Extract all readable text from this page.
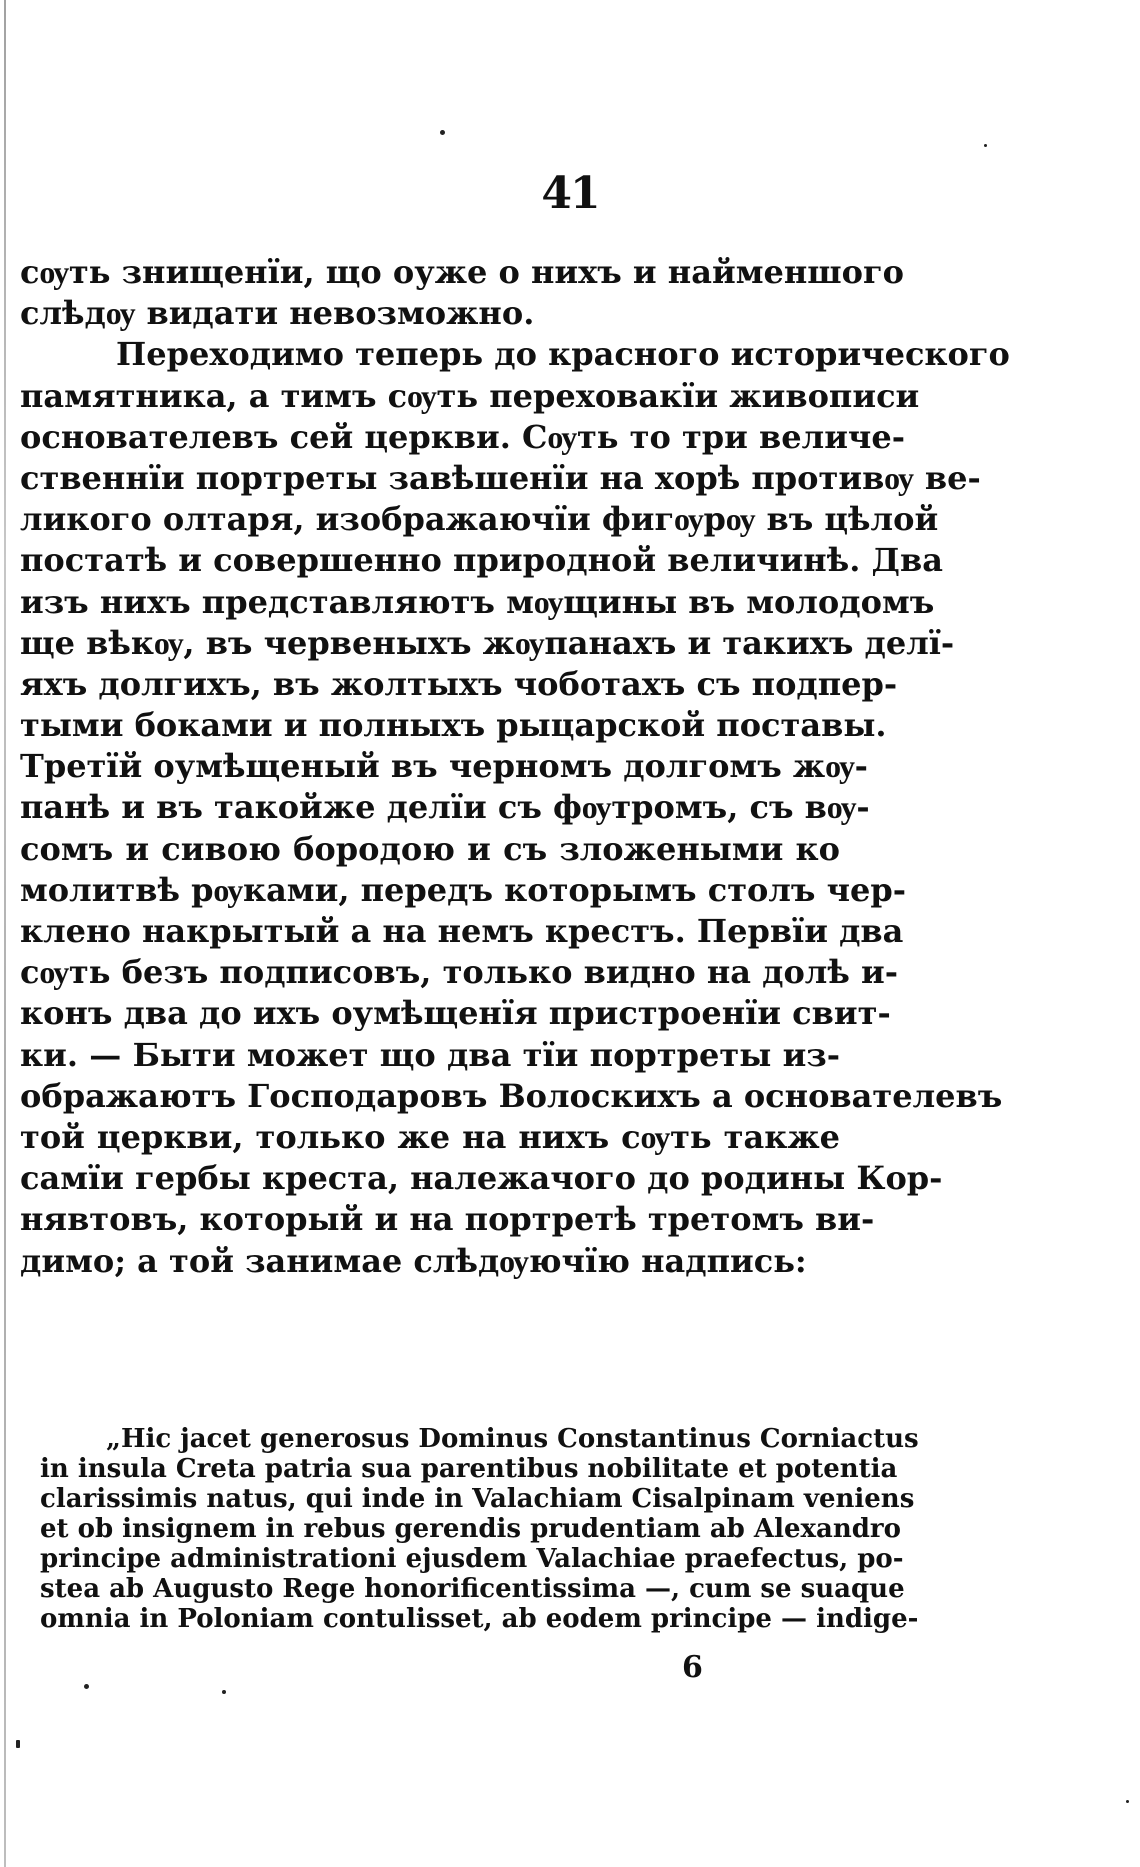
41
сѹть знищенїи, що оуже о нихъ и найменшого
слѣдѹ видати невозможно.
Переходимо теперь до красного исторического
памятника, а тимъ сѹть переховакїи живописи
основателевъ сей церкви. Сѹть то три величе-
ственнїи портреты завѣшенїи на хорѣ противѹ ве-
ликого олтаря, изображаючїи фигѹрѹ въ цѣлой
постатѣ и совершенно природной величинѣ. Два
изъ нихъ представляютъ мѹщины въ молодомъ
ще вѣкѹ, въ червеныхъ жѹпанахъ и такихъ делї-
яхъ долгихъ, въ жолтыхъ чоботахъ съ подпер-
тыми боками и полныхъ рыцарской поставы.
Третїй оумѣщеный въ черномъ долгомъ жѹ-
панѣ и въ такойже делїи съ фѹтромъ, съ вѹ-
сомъ и сивою бородою и съ зложеными ко
молитвѣ рѹками, передъ которымъ столъ чер-
клено накрытый а на немъ крестъ. Первїи два
сѹть безъ подписовъ, только видно на долѣ и-
конъ два до ихъ оумѣщенїя пристроенїи свит-
ки. — Быти может що два тїи портреты из-
ображаютъ Господаровъ Волоскихъ а основателевъ
той церкви, только же на нихъ сѹть также
самїи гербы креста, належачого до родины Кор-
нявтовъ, который и на портретѣ третомъ ви-
димо; а той занимае слѣдѹючїю надпись:
„Hic jacet generosus Dominus Constantinus Corniactus
in insula Creta patria sua parentibus nobilitate et potentia
clarissimis natus, qui inde in Valachiam Cisalpinam veniens
et ob insignem in rebus gerendis prudentiam ab Alexandro
principe administrationi ejusdem Valachiae praefectus, po-
stea ab Augusto Rege honorificentissima —, cum se suaque
omnia in Poloniam contulisset, ab eodem principe — indige-
6
